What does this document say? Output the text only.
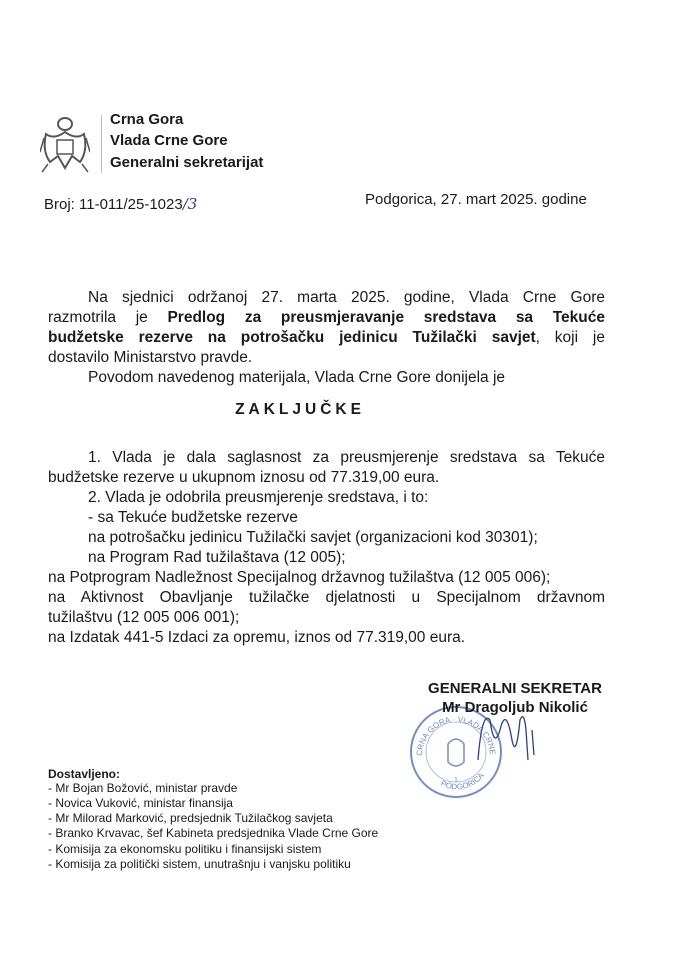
Crna Gora
Vlada Crne Gore
Generalni sekretarijat
Broj: 11-011/25-1023/3	Podgorica, 27. mart 2025. godine
Na sjednici održanoj 27. marta 2025. godine, Vlada Crne Gore
razmotrila je Predlog za preusmjeravanje sredstava sa Tekuće
budžetske rezerve na potrošačku jedinicu Tužilački savjet, koji je
dostavilo Ministarstvo pravde.
Povodom navedenog materijala, Vlada Crne Gore donijela je
ZAKLJUČKE
1. Vlada je dala saglasnost za preusmjerenje sredstava sa Tekuće
budžetske rezerve u ukupnom iznosu od 77.319,00 eura.
2. Vlada je odobrila preusmjerenje sredstava, i to:
- sa Tekuće budžetske rezerve
na potrošačku jedinicu Tužilački savjet (organizacioni kod 30301);
na Program Rad tužilaštava (12 005);
na Potprogram Nadležnost Specijalnog državnog tužilaštva (12 005 006);
na Aktivnost Obavljanje tužilačke djelatnosti u Specijalnom državnom
tužilaštvu (12 005 006 001);
na Izdatak 441-5 Izdaci za opremu, iznos od 77.319,00 eura.
CRNA GORA · VLADA CRNE
PODGORICA
1
GENERALNI SEKRETAR
Mr Dragoljub Nikolić
Dostavljeno:
- Mr Bojan Božović, ministar pravde
- Novica Vuković, ministar finansija
- Mr Milorad Marković, predsjednik Tužilačkog savjeta
- Branko Krvavac, šef Kabineta predsjednika Vlade Crne Gore
- Komisija za ekonomsku politiku i finansijski sistem
- Komisija za politički sistem, unutrašnju i vanjsku politiku
